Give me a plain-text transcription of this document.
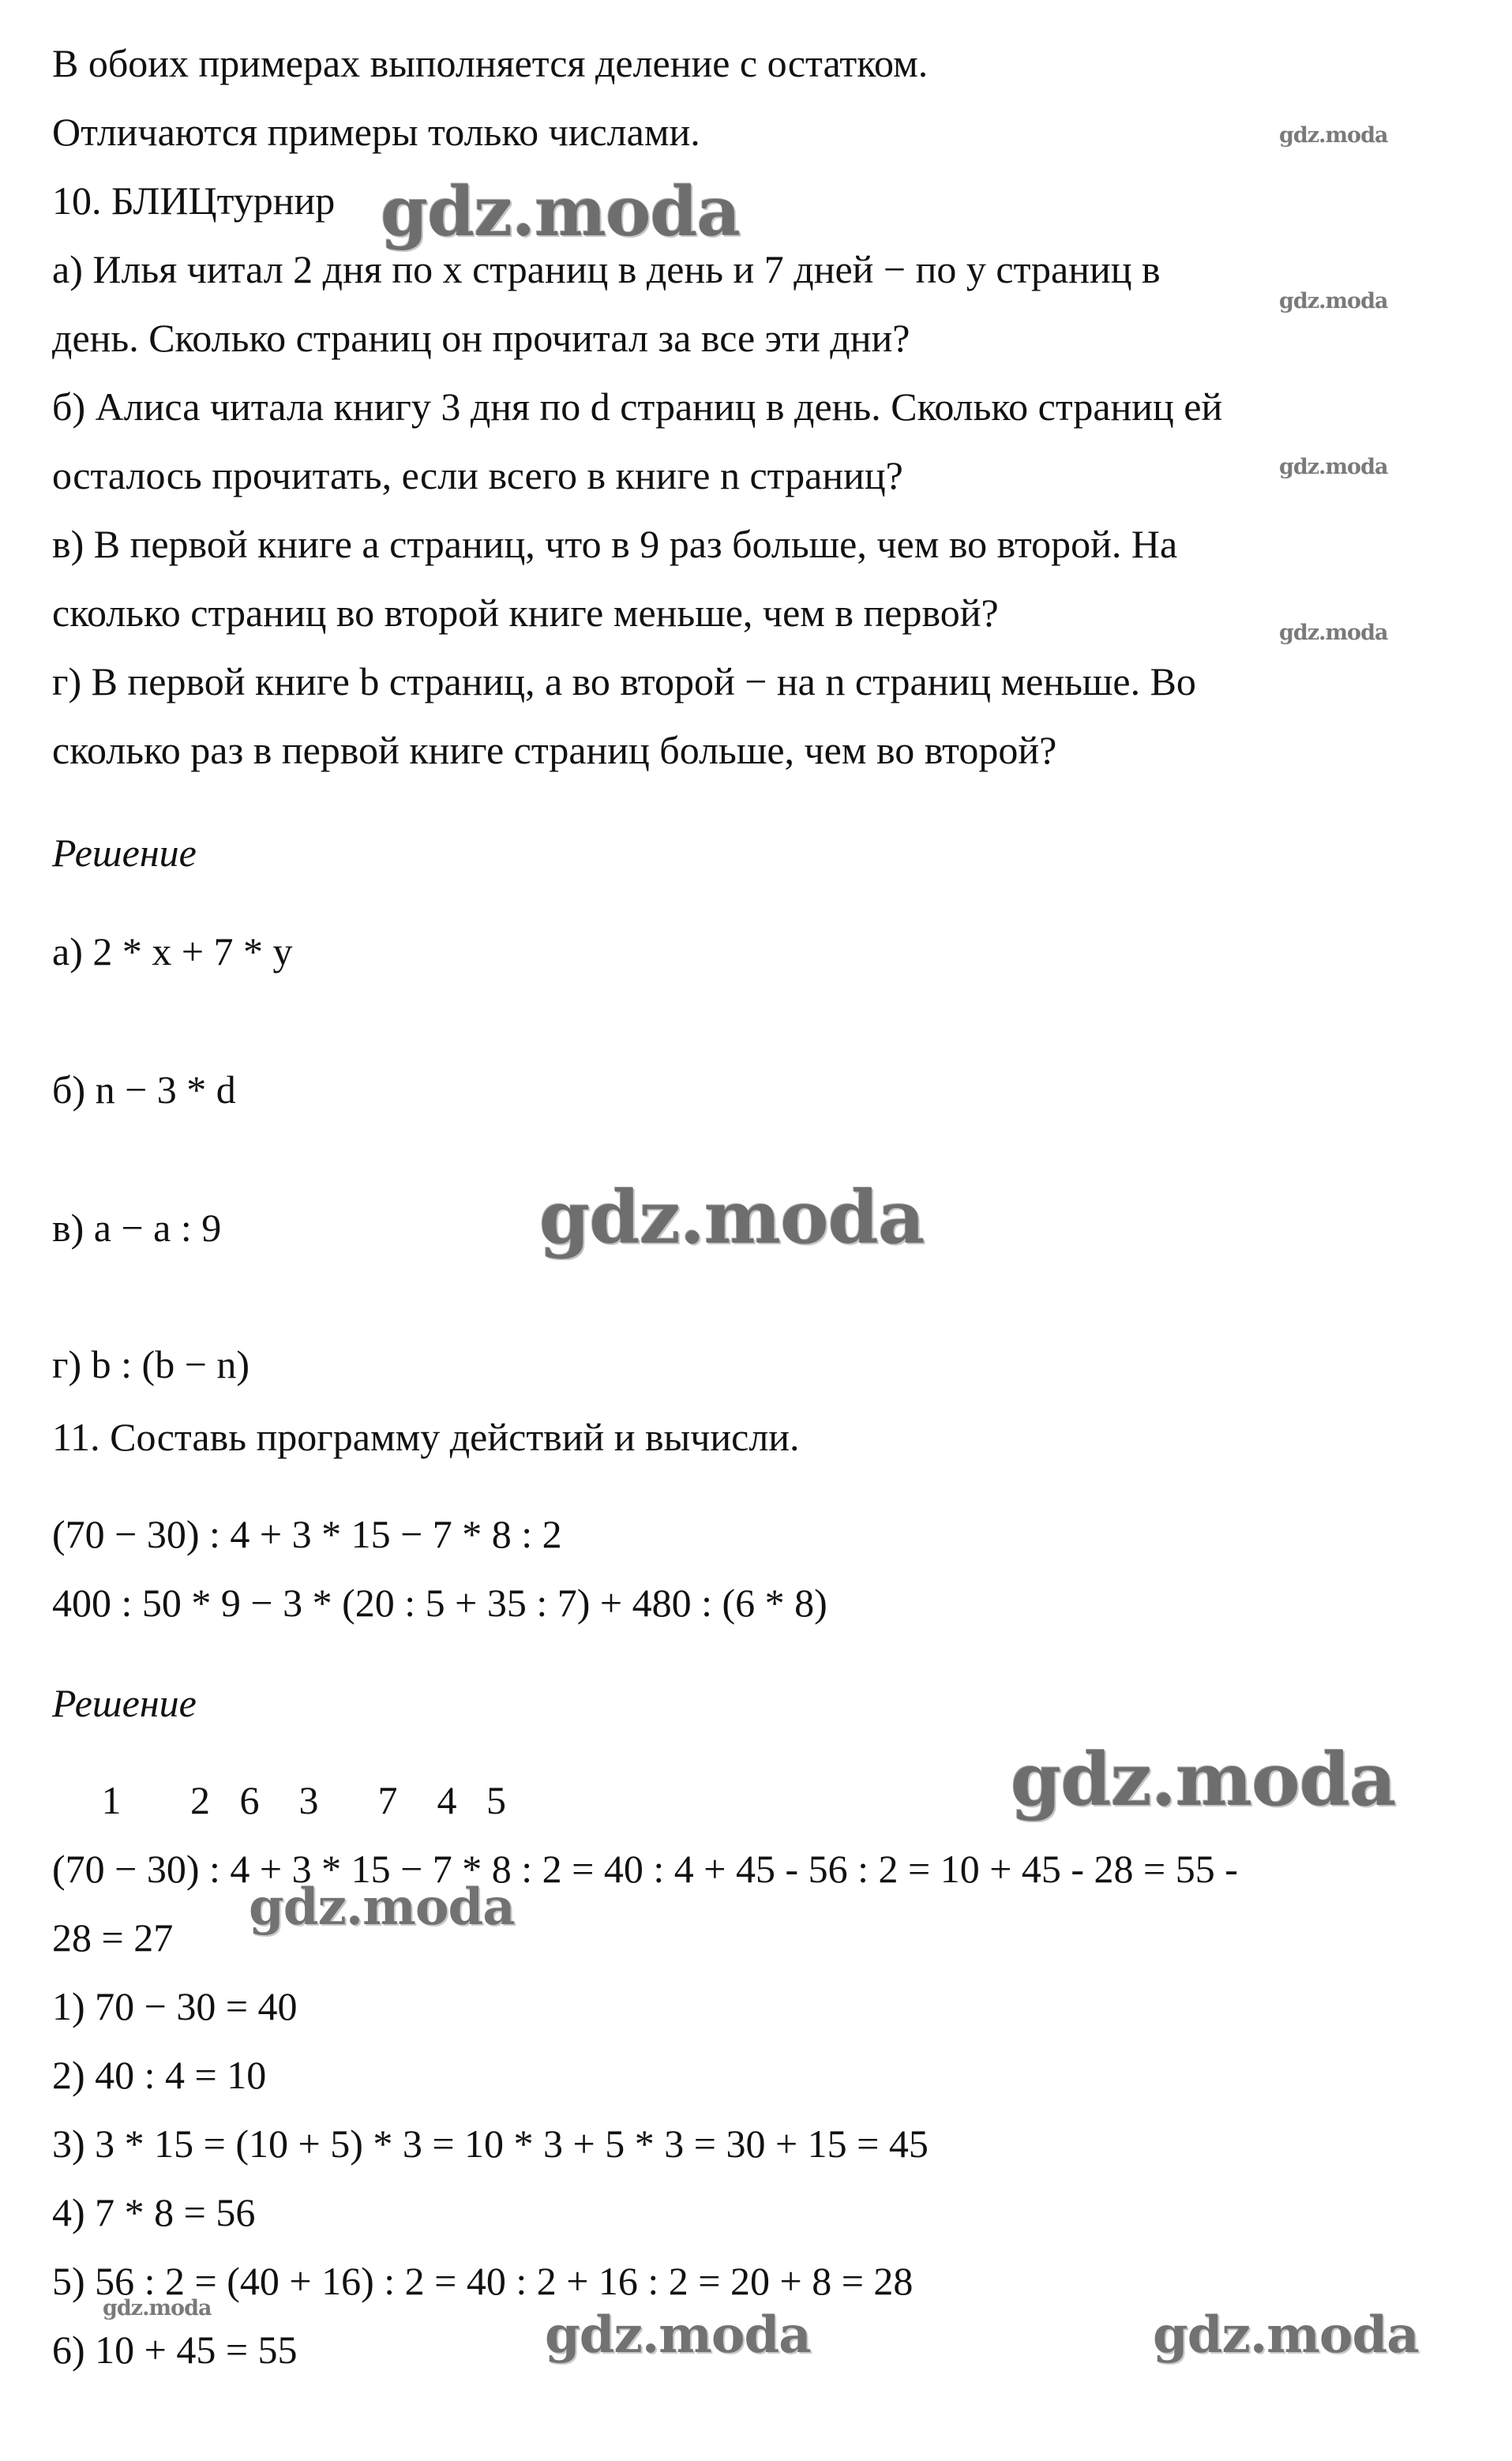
В обоих примерах выполняется деление с остатком.
Отличаются примеры только числами.
10. БЛИЦтурнир
а) Илья читал 2 дня по x страниц в день и 7 дней − по y страниц в
день. Сколько страниц он прочитал за все эти дни?
б) Алиса читала книгу 3 дня по d страниц в день. Сколько страниц ей
осталось прочитать, если всего в книге n страниц?
в) В первой книге a страниц, что в 9 раз больше, чем во второй. На
сколько страниц во второй книге меньше, чем в первой?
г) В первой книге b страниц, а во второй − на n страниц меньше. Во
сколько раз в первой книге страниц больше, чем во второй?
Решение
а) 2 * x + 7 * y
б) n − 3 * d
в) a − a : 9
г) b : (b − n)
11. Составь программу действий и вычисли.
(70 − 30) : 4 + 3 * 15 − 7 * 8 : 2
400 : 50 * 9 − 3 * (20 : 5 + 35 : 7) + 480 : (6 * 8)
Решение
1       2   6    3      7    4   5
(70 − 30) : 4 + 3 * 15 − 7 * 8 : 2 = 40 : 4 + 45 - 56 : 2 = 10 + 45 - 28 = 55 -
28 = 27
1) 70 − 30 = 40
2) 40 : 4 = 10
3) 3 * 15 = (10 + 5) * 3 = 10 * 3 + 5 * 3 = 30 + 15 = 45
4) 7 * 8 = 56
5) 56 : 2 = (40 + 16) : 2 = 40 : 2 + 16 : 2 = 20 + 8 = 28
6) 10 + 45 = 55
gdz.moda
gdz.moda
gdz.moda
gdz.moda
gdz.moda
gdz.moda
gdz.moda
gdz.moda
gdz.moda	gdz.moda	gdz.moda
